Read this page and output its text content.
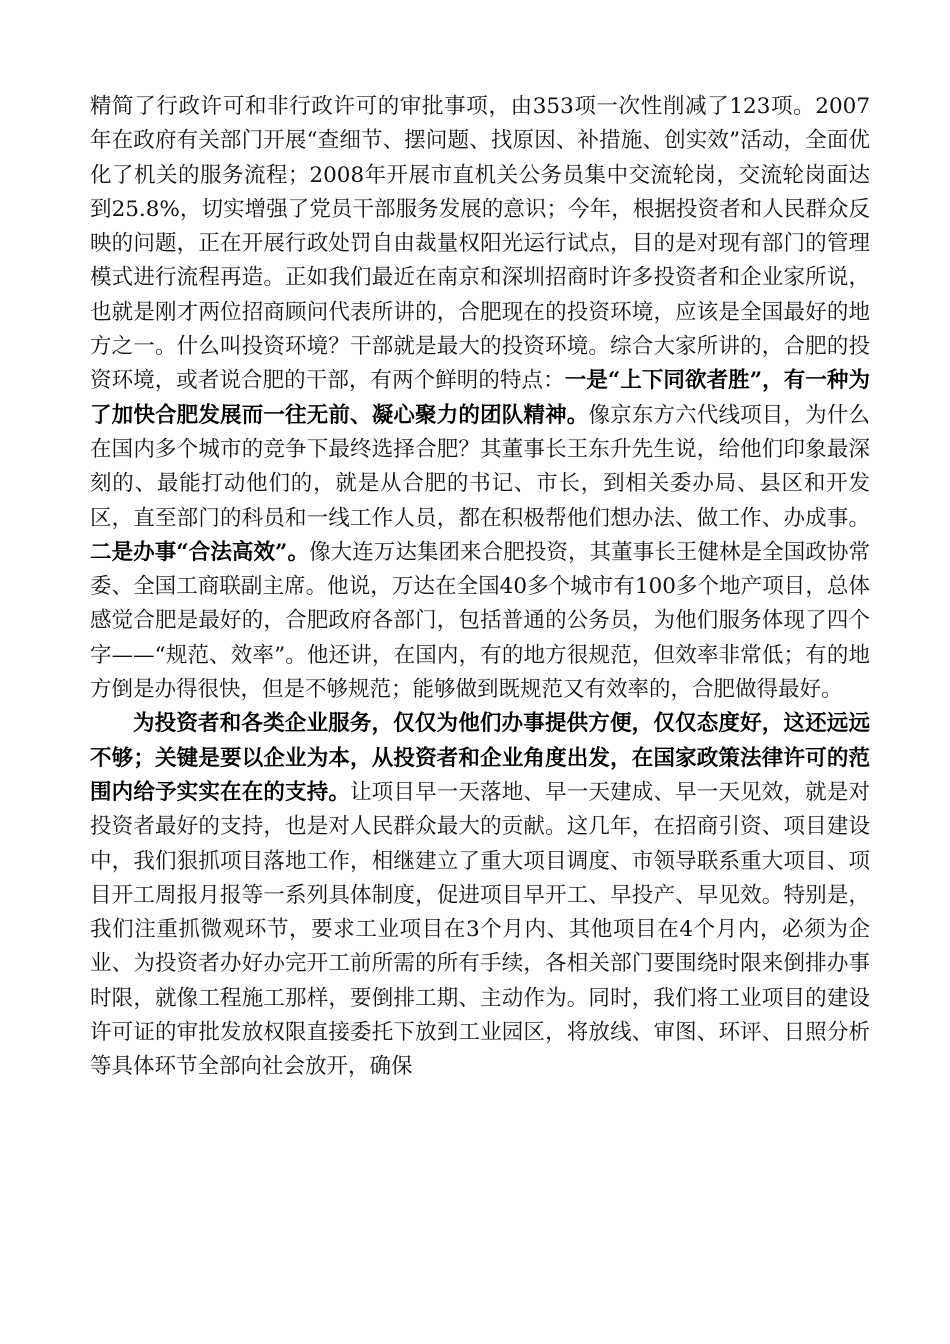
精简了行政许可和非行政许可的审批事项，由353项一次性削减了123项。2007年在政府有关部门开展“查细节、摆问题、找原因、补措施、创实效”活动，全面优化了机关的服务流程；2008年开展市直机关公务员集中交流轮岗，交流轮岗面达到25.8%，切实增强了党员干部服务发展的意识；今年，根据投资者和人民群众反映的问题，正在开展行政处罚自由裁量权阳光运行试点，目的是对现有部门的管理模式进行流程再造。正如我们最近在南京和深圳招商时许多投资者和企业家所说，也就是刚才两位招商顾问代表所讲的，合肥现在的投资环境，应该是全国最好的地方之一。什么叫投资环境？干部就是最大的投资环境。综合大家所讲的，合肥的投资环境，或者说合肥的干部，有两个鲜明的特点：一是“上下同欲者胜”，有一种为了加快合肥发展而一往无前、凝心聚力的团队精神。像京东方六代线项目，为什么在国内多个城市的竞争下最终选择合肥？其董事长王东升先生说，给他们印象最深刻的、最能打动他们的，就是从合肥的书记、市长，到相关委办局、县区和开发区，直至部门的科员和一线工作人员，都在积极帮他们想办法、做工作、办成事。二是办事“合法高效”。像大连万达集团来合肥投资，其董事长王健林是全国政协常委、全国工商联副主席。他说，万达在全国40多个城市有100多个地产项目，总体感觉合肥是最好的，合肥政府各部门，包括普通的公务员，为他们服务体现了四个字——“规范、效率”。他还讲，在国内，有的地方很规范，但效率非常低；有的地方倒是办得很快，但是不够规范；能够做到既规范又有效率的，合肥做得最好。

为投资者和各类企业服务，仅仅为他们办事提供方便，仅仅态度好，这还远远不够；关键是要以企业为本，从投资者和企业角度出发，在国家政策法律许可的范围内给予实实在在的支持。让项目早一天落地、早一天建成、早一天见效，就是对投资者最好的支持，也是对人民群众最大的贡献。这几年，在招商引资、项目建设中，我们狠抓项目落地工作，相继建立了重大项目调度、市领导联系重大项目、项目开工周报月报等一系列具体制度，促进项目早开工、早投产、早见效。特别是，我们注重抓微观环节，要求工业项目在3个月内、其他项目在4个月内，必须为企业、为投资者办好办完开工前所需的所有手续，各相关部门要围绕时限来倒排办事时限，就像工程施工那样，要倒排工期、主动作为。同时，我们将工业项目的建设许可证的审批发放权限直接委托下放到工业园区，将放线、审图、环评、日照分析等具体环节全部向社会放开，确保
